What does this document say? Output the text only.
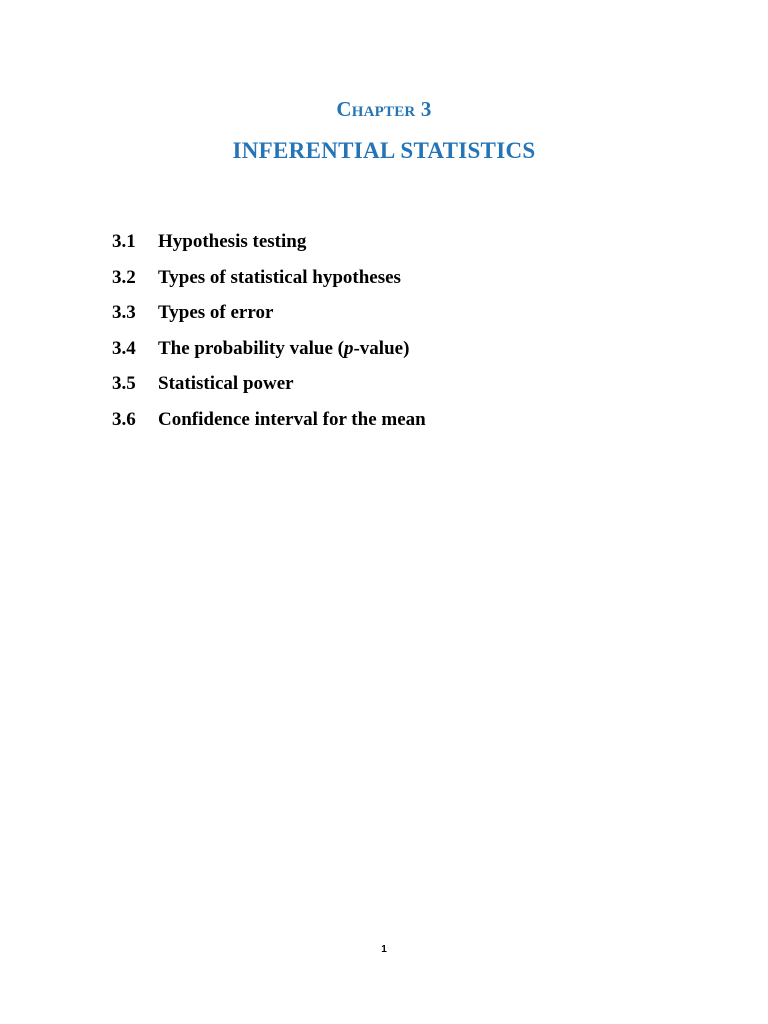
Chapter 3
INFERENTIAL STATISTICS
3.1	Hypothesis testing
3.2	Types of statistical hypotheses
3.3	Types of error
3.4	The probability value (p-value)
3.5	Statistical power
3.6	Confidence interval for the mean
1
